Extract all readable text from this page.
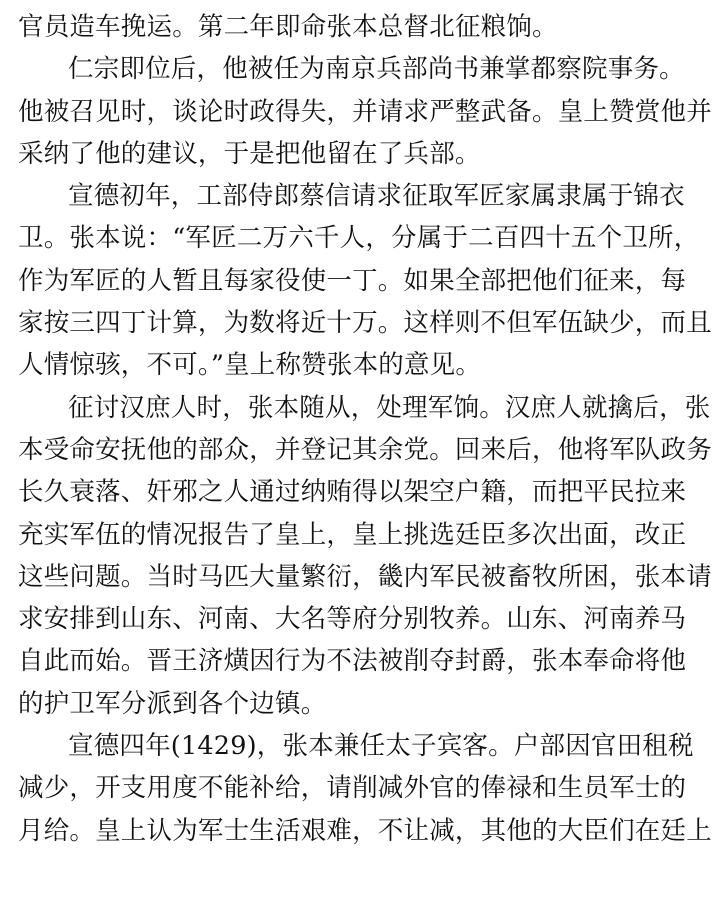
官员造车挽运。第二年即命张本总督北征粮饷。
仁宗即位后，他被任为南京兵部尚书兼掌都察院事务。
他被召见时，谈论时政得失，并请求严整武备。皇上赞赏他并
采纳了他的建议，于是把他留在了兵部。
宣德初年，工部侍郎蔡信请求征取军匠家属隶属于锦衣
卫。张本说：“军匠二万六千人，分属于二百四十五个卫所，
作为军匠的人暂且每家役使一丁。如果全部把他们征来，每
家按三四丁计算，为数将近十万。这样则不但军伍缺少，而且
人情惊骇，不可。”皇上称赞张本的意见。
征讨汉庶人时，张本随从，处理军饷。汉庶人就擒后，张
本受命安抚他的部众，并登记其余党。回来后，他将军队政务
长久衰落、奸邪之人通过纳贿得以架空户籍，而把平民拉来
充实军伍的情况报告了皇上，皇上挑选廷臣多次出面，改正
这些问题。当时马匹大量繁衍，畿内军民被畜牧所困，张本请
求安排到山东、河南、大名等府分别牧养。山东、河南养马
自此而始。晋王济熿因行为不法被削夺封爵，张本奉命将他
的护卫军分派到各个边镇。
宣德四年(1429)，张本兼任太子宾客。户部因官田租税
减少，开支用度不能补给，请削减外官的俸禄和生员军士的
月给。皇上认为军士生活艰难，不让减，其他的大臣们在廷上
